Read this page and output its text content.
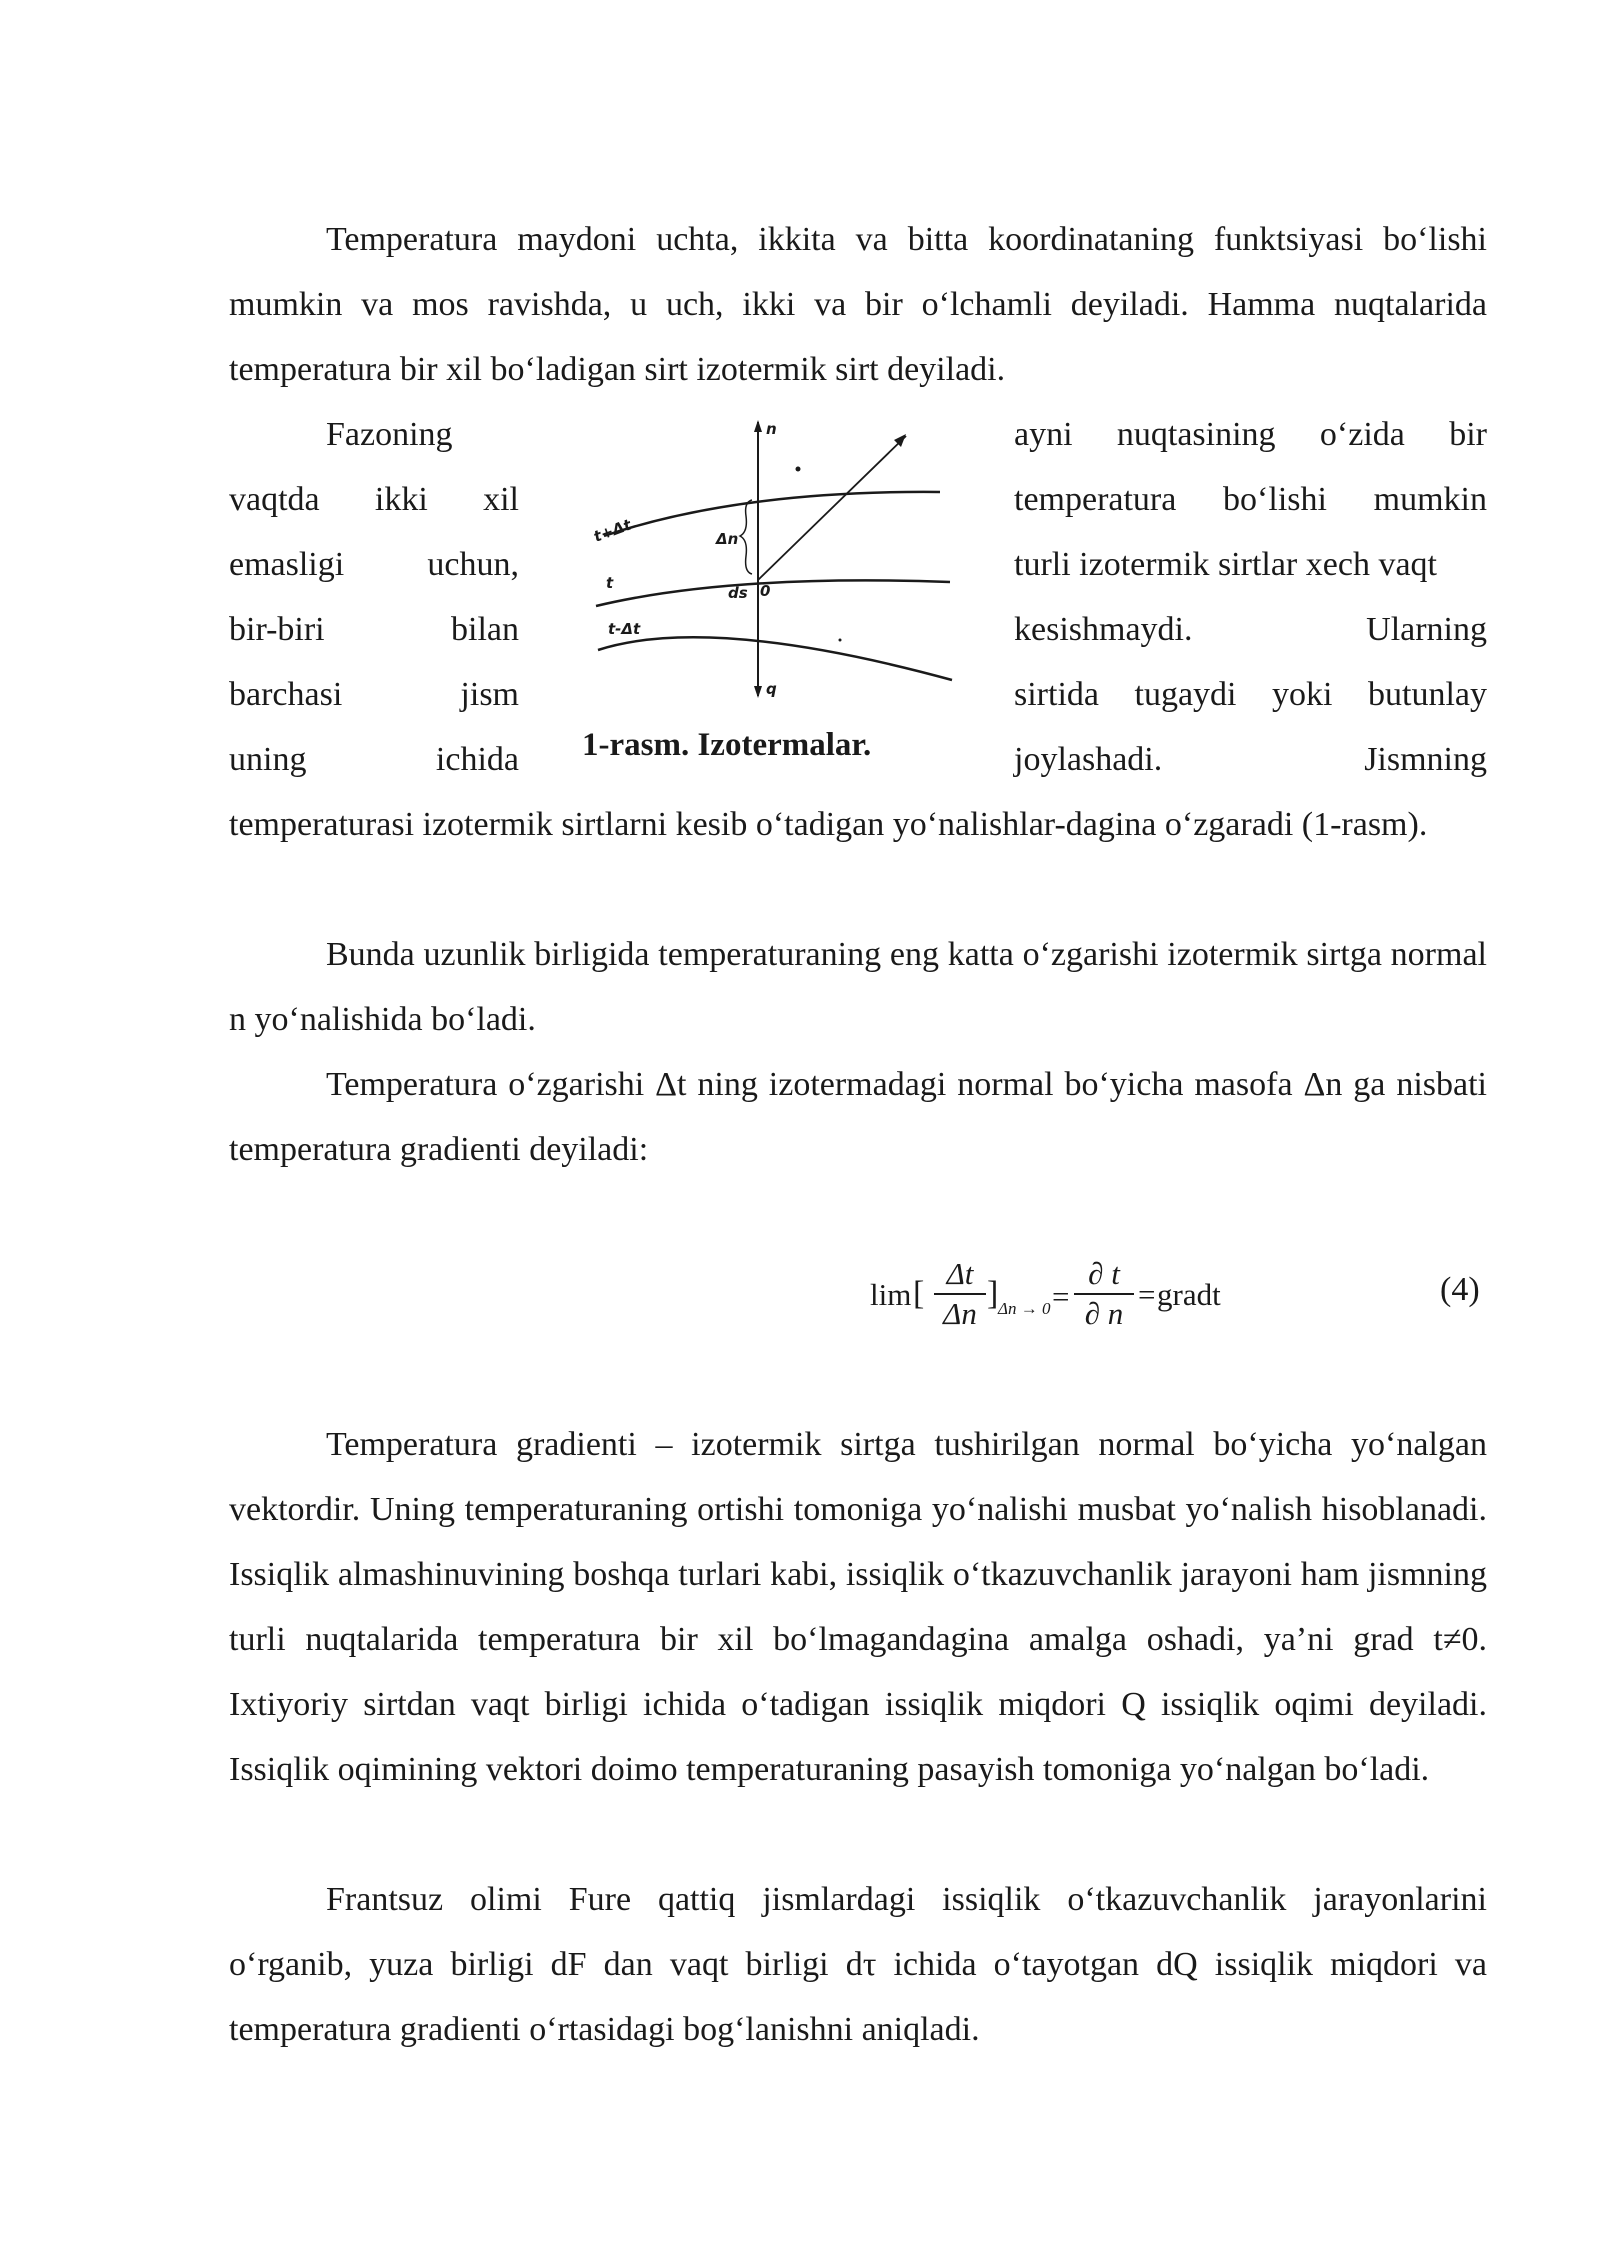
Temperatura maydoni uchta, ikkita va bitta koordinataning funktsiyasi bo‘lishi mumkin va mos ravishda, u uch, ikki va bir o‘lchamli deyiladi. Hamma nuqtalarida temperatura bir xil bo‘ladigan sirt izotermik sirt deyiladi.

Fazoning
vaqtda ikki xil
emasligi uchun,
bir-biri	bilan
barchasi	jism
uning	ichida
n
q
Δn
ds 0
t+Δt
t
t-Δt
1-rasm. Izotermalar.
ayni nuqtasining o‘zida bir
temperatura bo‘lishi mumkin
turli izotermik sirtlar xech vaqt
kesishmaydi.	Ularning
sirtida tugaydi yoki butunlay
joylashadi.	Jismning

temperaturasi izotermik sirtlarni kesib o‘tadigan yo‘nalishlar-dagina o‘zgaradi (1-rasm).

Bunda uzunlik birligida temperaturaning eng katta o‘zgarishi izotermik sirtga normal n yo‘nalishida bo‘ladi.

Temperatura o‘zgarishi Δt ning izotermadagi normal bo‘yicha masofa Δn ga nisbati temperatura gradienti deyiladi:

lim [
Δt
Δn
] Δn → 0 =
∂ t
∂ n
= gradt	(4)

Temperatura gradienti – izotermik sirtga tushirilgan normal bo‘yicha yo‘nalgan vektordir. Uning temperaturaning ortishi tomoniga yo‘nalishi musbat yo‘nalish hisoblanadi. Issiqlik almashinuvining boshqa turlari kabi, issiqlik o‘tkazuvchanlik jarayoni ham jismning turli nuqtalarida temperatura bir xil bo‘lmagandagina amalga oshadi, ya’ni grad t≠0. Ixtiyoriy sirtdan vaqt birligi ichida o‘tadigan issiqlik miqdori Q issiqlik oqimi deyiladi. Issiqlik oqimining vektori doimo temperaturaning pasayish tomoniga yo‘nalgan bo‘ladi.

Frantsuz olimi Fure qattiq jismlardagi issiqlik o‘tkazuvchanlik jarayonlarini o‘rganib, yuza birligi dF dan vaqt birligi dτ ichida o‘tayotgan dQ issiqlik miqdori va temperatura gradienti o‘rtasidagi bog‘lanishni aniqladi.
